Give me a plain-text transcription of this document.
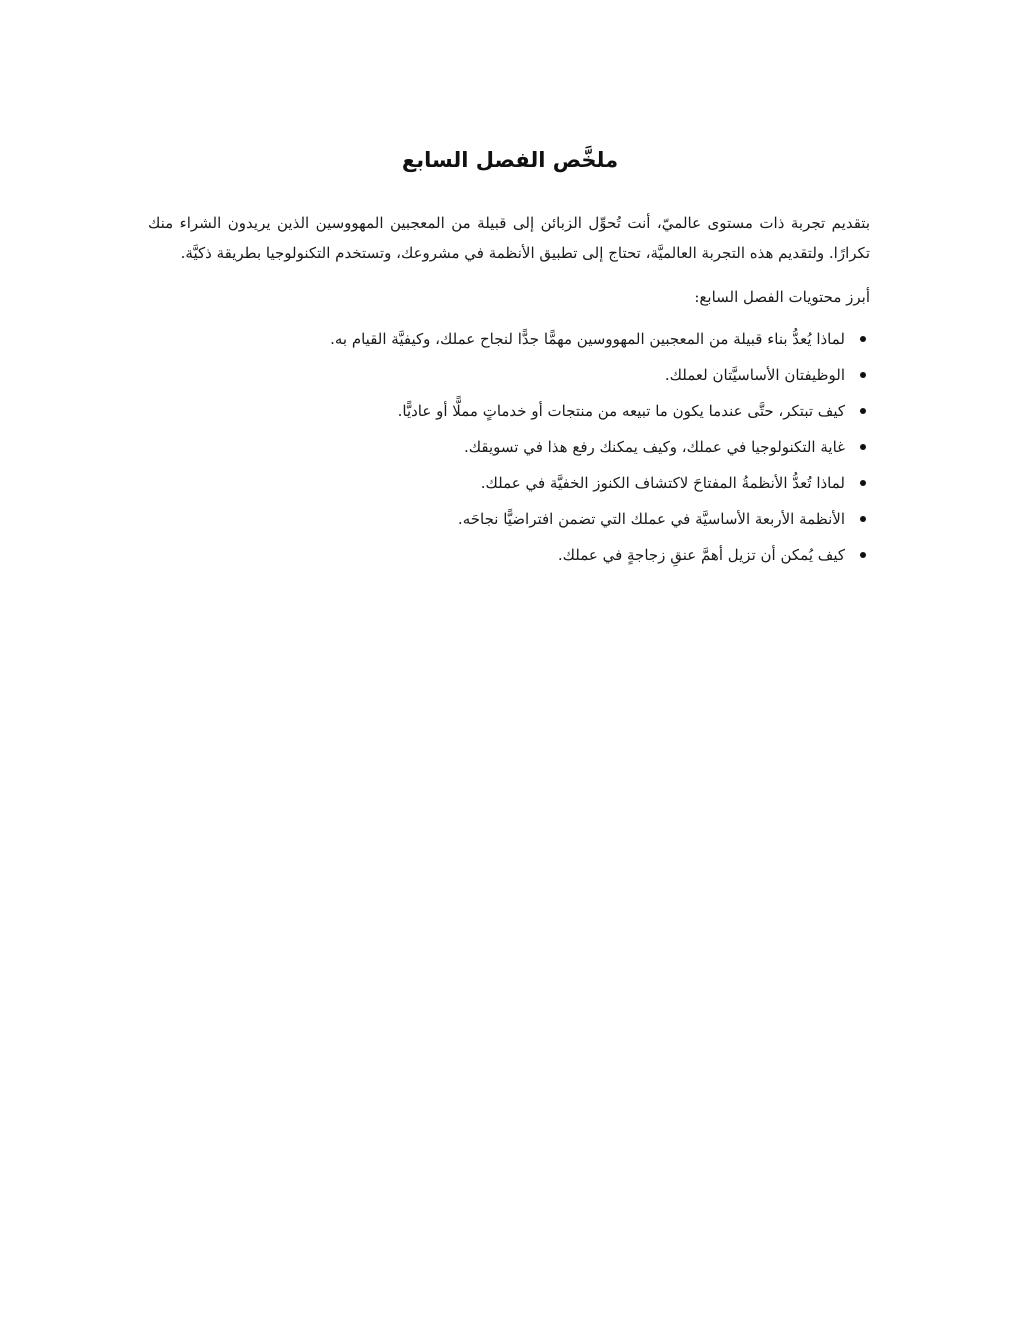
ملخَّص الفصل السابع

بتقديم تجربة ذات مستوى عالميّ، أنت تُحوِّل الزبائن إلى قبيلة من المعجبين المهووسين الذين يريدون الشراء منك تكرارًا. ولتقديم هذه التجربة العالميَّة، تحتاج إلى تطبيق الأنظمة في مشروعك، وتستخدم التكنولوجيا بطريقة ذكيَّة.

أبرز محتويات الفصل السابع:

لماذا يُعدُّ بناء قبيلة من المعجبين المهووسين مهمًّا جدًّا لنجاح عملك، وكيفيَّة القيام به.
الوظيفتان الأساسيَّتان لعملك.
كيف تبتكر، حتَّى عندما يكون ما تبيعه من منتجات أو خدماتٍ مملًّا أو عاديًّا.
غاية التكنولوجيا في عملك، وكيف يمكنك رفع هذا في تسويقك.
لماذا تُعدُّ الأنظمةُ المفتاحَ لاكتشاف الكنوز الخفيَّة في عملك.
الأنظمة الأربعة الأساسيَّة في عملك التي تضمن افتراضيًّا نجاحَه.
كيف يُمكن أن تزيل أهمَّ عنقِ زجاجةٍ في عملك.
